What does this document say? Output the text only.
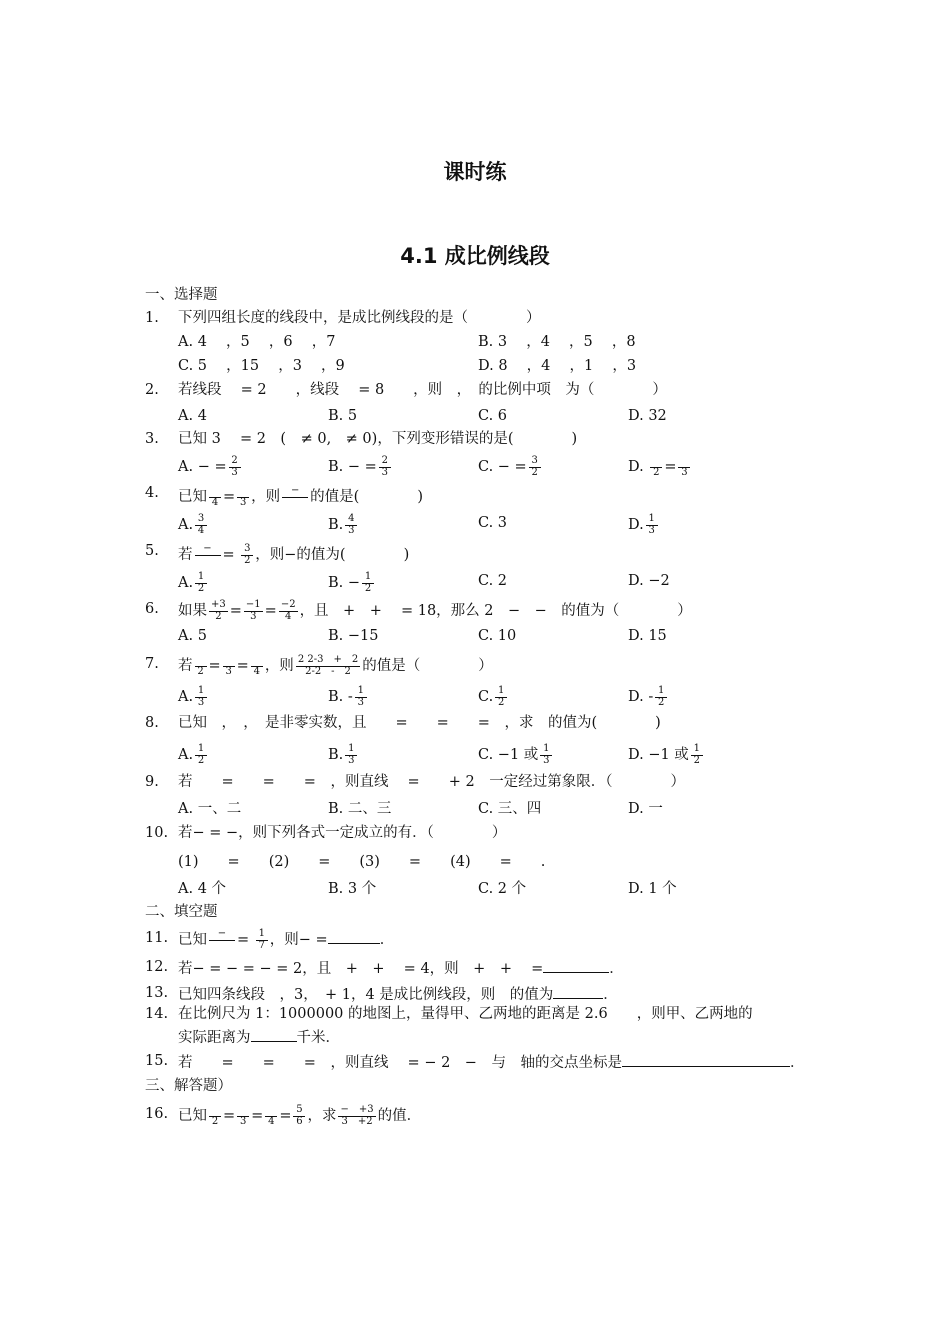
课时练
4.1 成比例线段
一、选择题
1. 下列四组长度的线段中，是成比例线段的是（　　　　）
A. 4 　，5 　，6 　，7	B. 3 　，4 　，5 　，8
C. 5 　，15 　，3 　，9	D. 8 　，4 　，1 　，3
2. 若线段　 = 2　　，线段　 = 8　　，则　，　的比例中项　为（　　　　）
A. 4	B. 5	C. 6	D. 32
3. 已知 3　 = 2　(　≠ 0,　≠ 0)，下列变形错误的是(　　　　)
A. − = $\frac{2}{3}$	B. − = $\frac{2}{3}$	C. − = $\frac{3}{2}$	D. 2 = 3
4. 已知 4 = 3 ，则	− 的值是(　　　　)
A. $\frac{3}{4}$	B. $\frac{4}{3}$	C. 3	D. $\frac{1}{3}$
5. 若	− = $\frac{3}{2}$ ，则−的值为(　　　　)
A. $\frac{1}{2}$	B. − $\frac{1}{2}$	C. 2	D. −2
6. 如果 $\frac{+3}{2} = \frac{-1}{3} = \frac{-2}{4}$ ，且　+　+　 = 18，那么 2　−　−　的值为（　　　　）
A. 5	B. −15	C. 10	D. 15
7. 若 2 = 3 = 4 ，则 $\frac{2 2-3 + 2}{2-2 - 2}$ 的值是（　　　　）
A. $\frac{1}{3}$	B. - $\frac{1}{3}$	C. $\frac{1}{2}$	D. - $\frac{1}{2}$
8. 已知　，　，　是非零实数，且　　=　　=　　=　，求　的值为(　　　　)
A. $\frac{1}{2}$	B. $\frac{1}{3}$	C. −1 或 $\frac{1}{3}$	D. −1 或 $\frac{1}{2}$
9. 若　　=　　=　　=　，则直线　 =　　+ 2　一定经过第象限．（　　　　）
A. 一、二	B. 二、三	C. 三、四	D. 一
10. 若− = −，则下列各式一定成立的有．（　　　　）
(1)　　=　　(2)　　=　　(3)　　=　　(4)　　=　　.
A. 4 个	B. 3 个	C. 2 个	D. 1 个
二、填空题
11. 已知	− = $\frac{1}{7}$ ，则− =	．
12. 若− = − = − = 2，且　+　+　 = 4，则　+　+　 =	．
13. 已知四条线段　，3，　+ 1，4 是成比例线段，则　的值为	．
14. 在比例尺为 1：1000000 的地图上，量得甲、乙两地的距离是 2.6　　，则甲、乙两地的
实际距离为	千米．
15. 若　　=　　=　　=　，则直线　 = − 2　−　与　轴的交点坐标是	．
三、解答题）
16. 已知 $2 = 3 = 4 = \frac{5}{6}$ ，求 $\frac{- +3}{3 +2}$ 的值．
